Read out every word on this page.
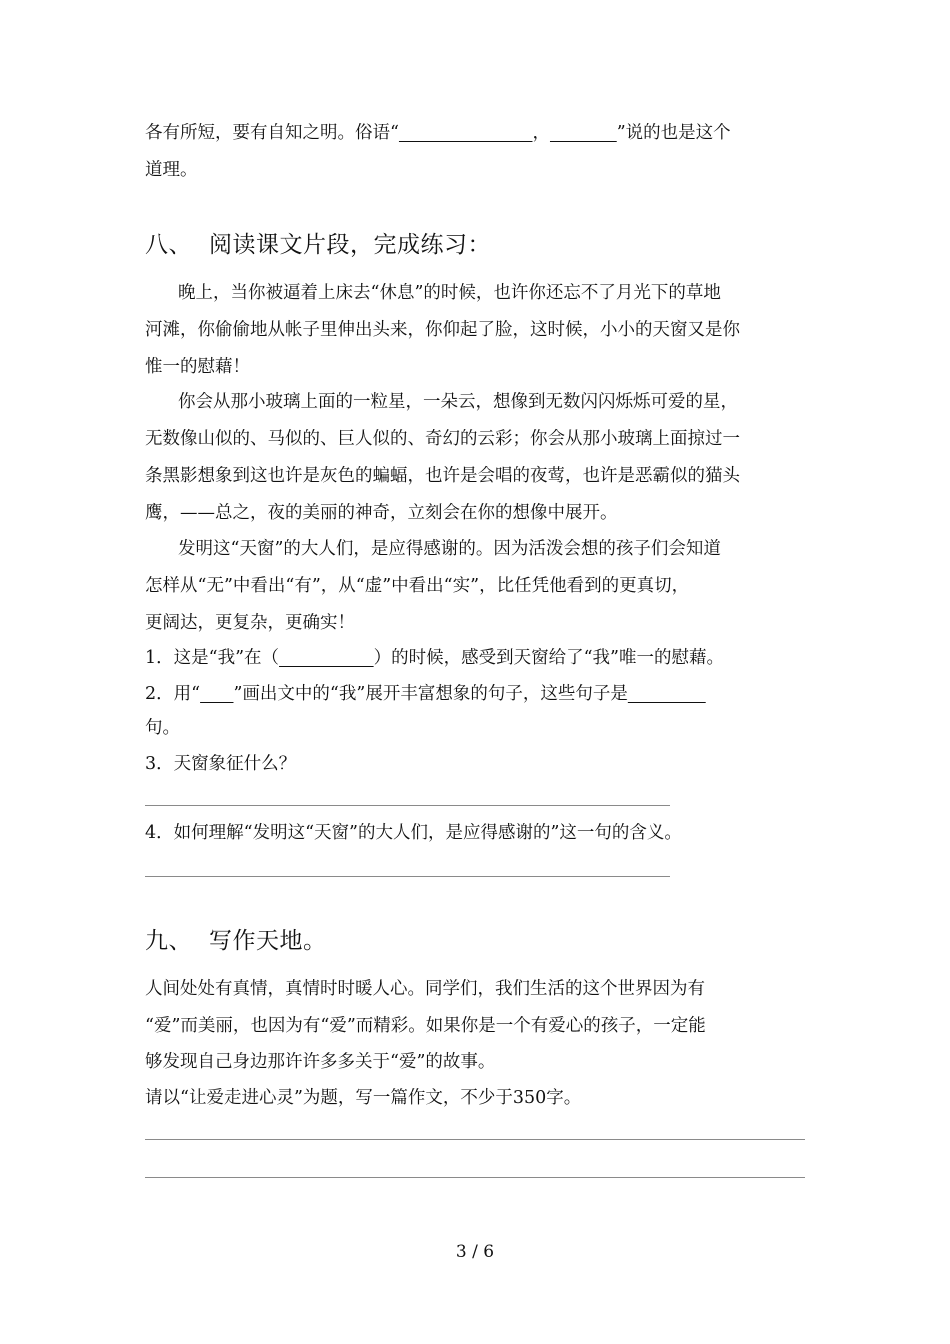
各有所短，要有自知之明。俗语“	，	”说的也是这个
道理。
八、 阅读课文片段，完成练习：
晚上，当你被逼着上床去“休息”的时候，也许你还忘不了月光下的草地
河滩，你偷偷地从帐子里伸出头来，你仰起了脸，这时候，小小的天窗又是你
惟一的慰藉！
你会从那小玻璃上面的一粒星，一朵云，想像到无数闪闪烁烁可爱的星，
无数像山似的、马似的、巨人似的、奇幻的云彩；你会从那小玻璃上面掠过一
条黑影想象到这也许是灰色的蝙蝠，也许是会唱的夜莺，也许是恶霸似的猫头
鹰，——总之，夜的美丽的神奇，立刻会在你的想像中展开。
发明这“天窗”的大人们，是应得感谢的。因为活泼会想的孩子们会知道
怎样从“无”中看出“有”，从“虚”中看出“实”，比任凭他看到的更真切，
更阔达，更复杂，更确实！
1．这是“我”在（	）的时候，感受到天窗给了“我”唯一的慰藉。
2．用“ ”画出文中的“我”展开丰富想象的句子，这些句子是
句。
3．天窗象征什么？
4．如何理解“发明这“天窗”的大人们，是应得感谢的”这一句的含义。
九、 写作天地。
人间处处有真情，真情时时暖人心。同学们，我们生活的这个世界因为有
“爱”而美丽，也因为有“爱”而精彩。如果你是一个有爱心的孩子，一定能
够发现自己身边那许许多多关于“爱”的故事。
请以“让爱走进心灵”为题，写一篇作文，不少于350字。
3 / 6
